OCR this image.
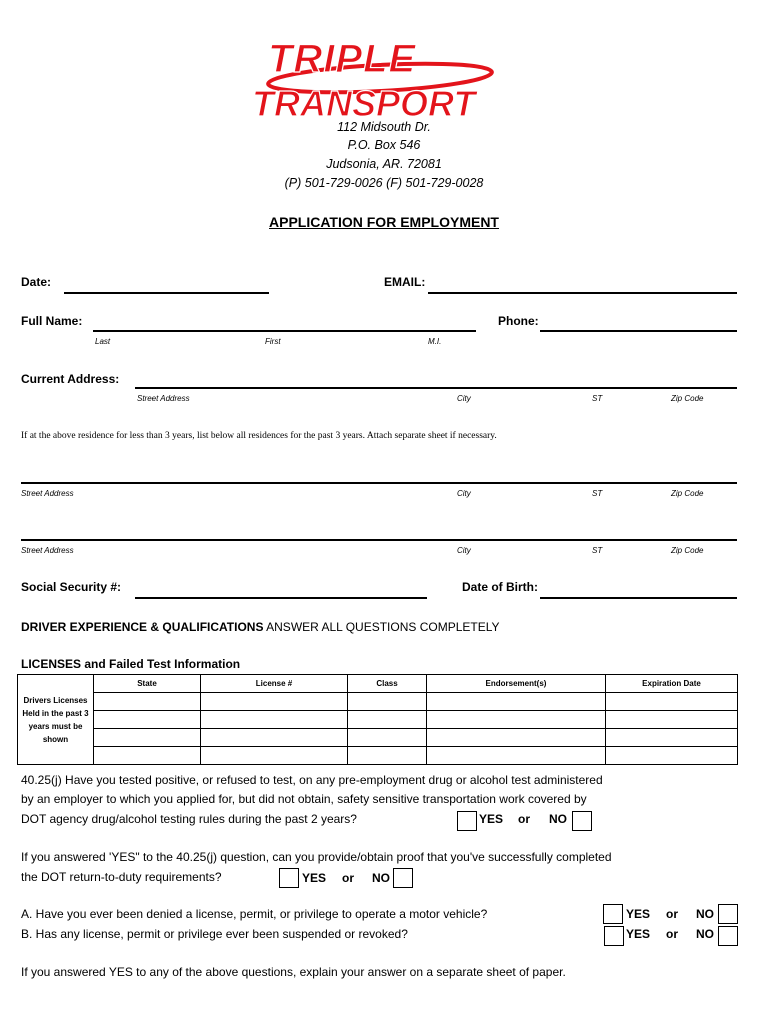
TRIPLE
TRANSPORT
112 Midsouth Dr.
P.O. Box 546
Judsonia, AR. 72081
(P) 501-729-0026 (F) 501-729-0028
APPLICATION FOR EMPLOYMENT
Date:	EMAIL:
Full Name:	Phone:
Last	First	M.I.
Current Address:
Street Address	City	ST	Zip Code
If at the above residence for less than 3 years, list below all residences for the past 3 years. Attach separate sheet if necessary.
Street Address	City	ST	Zip Code
Street Address	City	ST	Zip Code
Social Security #:	Date of Birth:
DRIVER EXPERIENCE & QUALIFICATIONS ANSWER ALL QUESTIONS COMPLETELY
LICENSES and Failed Test Information
Drivers Licenses Held in the past 3 years must be shown	State	License #	Class	Endorsement(s)	Expiration Date

40.25(j) Have you tested positive, or refused to test, on any pre-employment drug or alcohol test administered
by an employer to which you applied for, but did not obtain, safety sensitive transportation work covered by
DOT agency drug/alcohol testing rules during the past 2 years?	YES or NO
If you answered 'YES" to the 40.25(j) question, can you provide/obtain proof that you've successfully completed
the DOT return-to-duty requirements?	YES or NO
A. Have you ever been denied a license, permit, or privilege to operate a motor vehicle?	YES or NO
B. Has any license, permit or privilege ever been suspended or revoked?	YES or NO
If you answered YES to any of the above questions, explain your answer on a separate sheet of paper.
